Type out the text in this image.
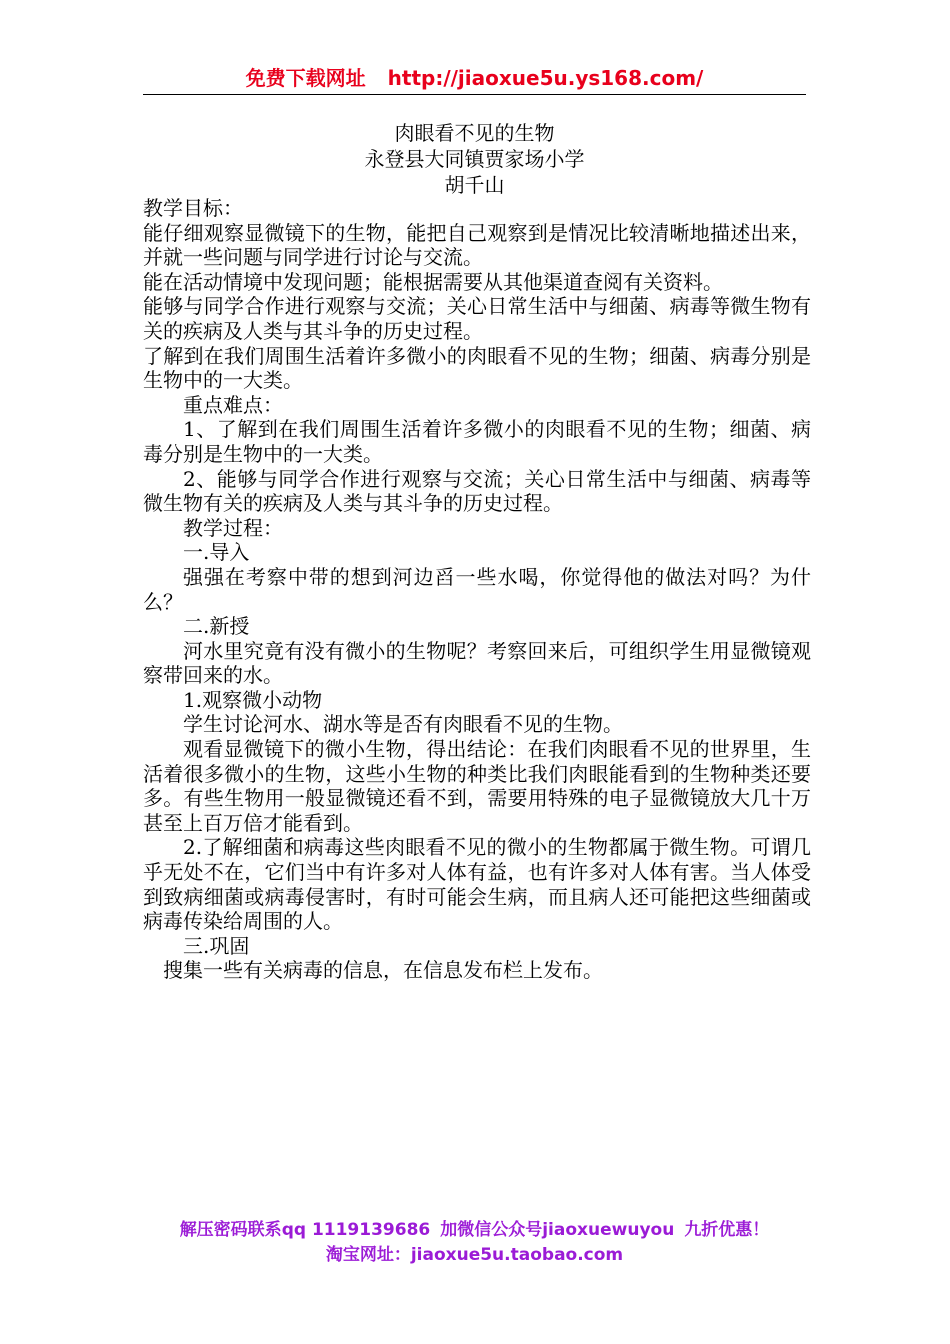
免费下载网址 http://jiaoxue5u.ys168.com/
肉眼看不见的生物
永登县大同镇贾家场小学
胡千山

教学目标：

能仔细观察显微镜下的生物，能把自己观察到是情况比较清晰地描述出来，并就一些问题与同学进行讨论与交流。

能在活动情境中发现问题；能根据需要从其他渠道查阅有关资料。

能够与同学合作进行观察与交流；关心日常生活中与细菌、病毒等微生物有关的疾病及人类与其斗争的历史过程。

了解到在我们周围生活着许多微小的肉眼看不见的生物；细菌、病毒分别是生物中的一大类。

重点难点：

1、了解到在我们周围生活着许多微小的肉眼看不见的生物；细菌、病毒分别是生物中的一大类。

2、能够与同学合作进行观察与交流；关心日常生活中与细菌、病毒等微生物有关的疾病及人类与其斗争的历史过程。

教学过程：

一.导入

强强在考察中带的想到河边舀一些水喝，你觉得他的做法对吗？为什么？

二.新授

河水里究竟有没有微小的生物呢？考察回来后，可组织学生用显微镜观察带回来的水。

1.观察微小动物

学生讨论河水、湖水等是否有肉眼看不见的生物。

观看显微镜下的微小生物，得出结论：在我们肉眼看不见的世界里，生活着很多微小的生物，这些小生物的种类比我们肉眼能看到的生物种类还要多。有些生物用一般显微镜还看不到，需要用特殊的电子显微镜放大几十万甚至上百万倍才能看到。

2.了解细菌和病毒这些肉眼看不见的微小的生物都属于微生物。可谓几乎无处不在，它们当中有许多对人体有益，也有许多对人体有害。当人体受到致病细菌或病毒侵害时，有时可能会生病，而且病人还可能把这些细菌或病毒传染给周围的人。

三.巩固

搜集一些有关病毒的信息，在信息发布栏上发布。

解压密码联系qq 1119139686 加微信公众号jiaoxuewuyou 九折优惠！
淘宝网址：jiaoxue5u.taobao.com
